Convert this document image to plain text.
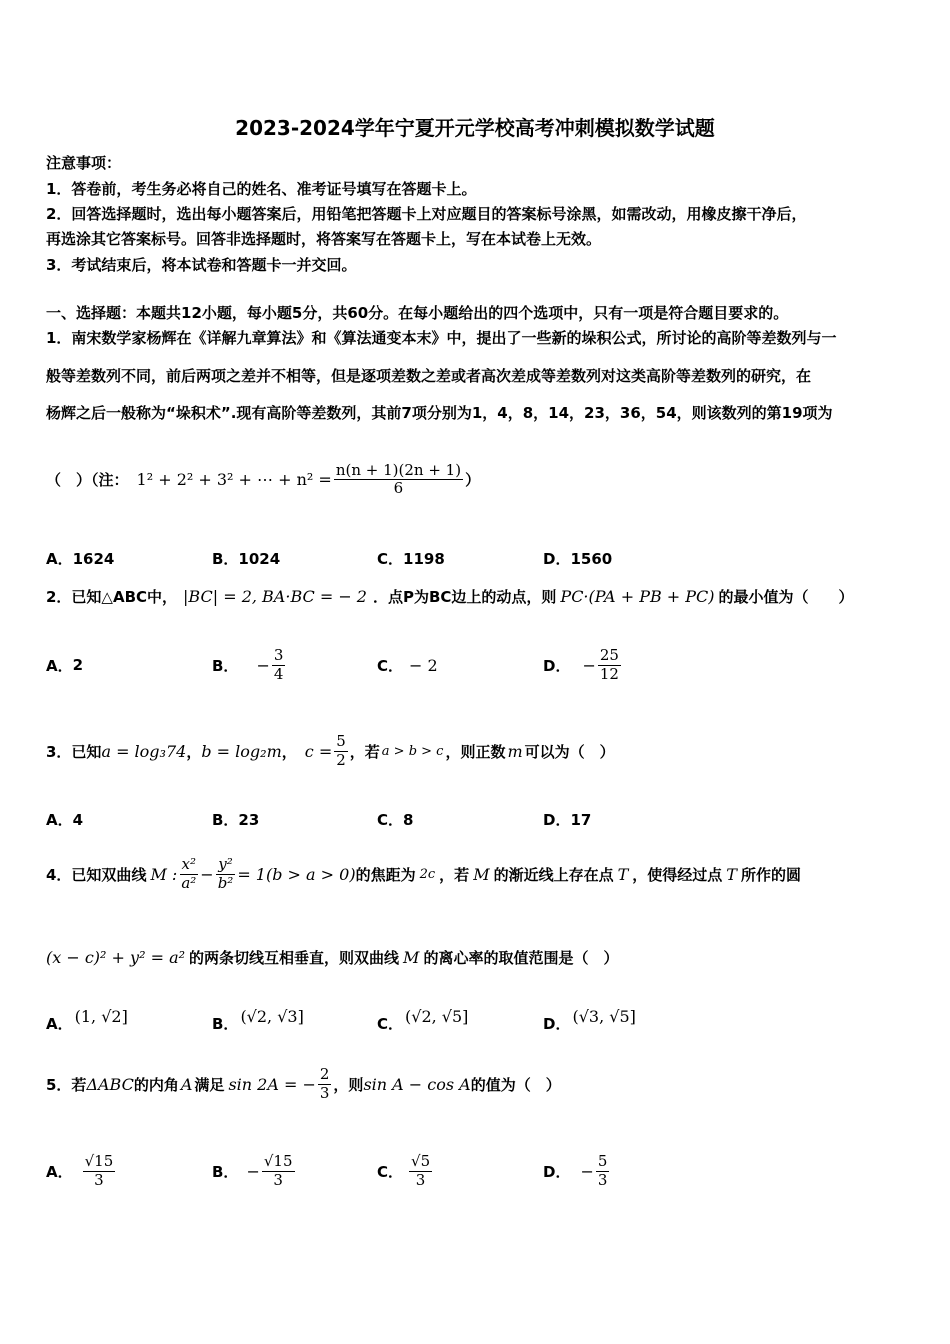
2023-2024学年宁夏开元学校高考冲刺模拟数学试题
注意事项：
1．答卷前，考生务必将自己的姓名、准考证号填写在答题卡上。
2．回答选择题时，选出每小题答案后，用铅笔把答题卡上对应题目的答案标号涂黑，如需改动，用橡皮擦干净后，
再选涂其它答案标号。回答非选择题时，将答案写在答题卡上，写在本试卷上无效。
3．考试结束后，将本试卷和答题卡一并交回。
一、选择题：本题共12小题，每小题5分，共60分。在每小题给出的四个选项中，只有一项是符合题目要求的。
1．南宋数学家杨辉在《详解九章算法》和《算法通变本末》中，提出了一些新的垛积公式，所讨论的高阶等差数列与一
般等差数列不同，前后两项之差并不相等，但是逐项差数之差或者高次差成等差数列对这类高阶等差数列的研究，在
杨辉之后一般称为“垛积术”.现有高阶等差数列，其前7项分别为1，4，8，14，23，36，54，则该数列的第19项为
（　）（注： 1² + 2² + 3² + ⋯ + $n^2 = \frac{n(n + 1)(2n + 1)}{6}$ ）
A．1624	B．1024	C．1198	D．1560
2．已知△ABC中， |BC| = 2, BA·BC = − 2 ．点P为BC边上的动点，则 PC·(PA + PB + PC) 的最小值为（　　）
A． 2	B． − $\frac{3}{4}$	C． − 2	D． − $\frac{25}{12}$
3．已知 a = log₃74 ， b = log₂m ， $c = \frac{5}{2}$ ，若 a > b > c ，则正数 m 可以为（　）
A．4	B．23	C．8	D．17
4．已知双曲线 M : $\frac{\text{x²}}{\text{a²}} - \frac{\text{y²}}{\text{b²}} = 1(b > a > 0)$ 的焦距为 2c ，若 M 的渐近线上存在点 T ，使得经过点 T 所作的圆
(x − c)² + y² = a² 的两条切线互相垂直，则双曲线 M 的离心率的取值范围是（　）
A． (1, √2]	B． (√2, √3]	C． (√2, √5]	D． (√3, √5]
5．若 ΔABC 的内角 A 满足 sin 2A = − $\frac{2}{3}$ ，则 sin A − cos A 的值为（　）
A． $\frac{√15}{3}$	B． − $\frac{√15}{3}$	C． $\frac{√5}{3}$	D． − $\frac{5}{3}$
